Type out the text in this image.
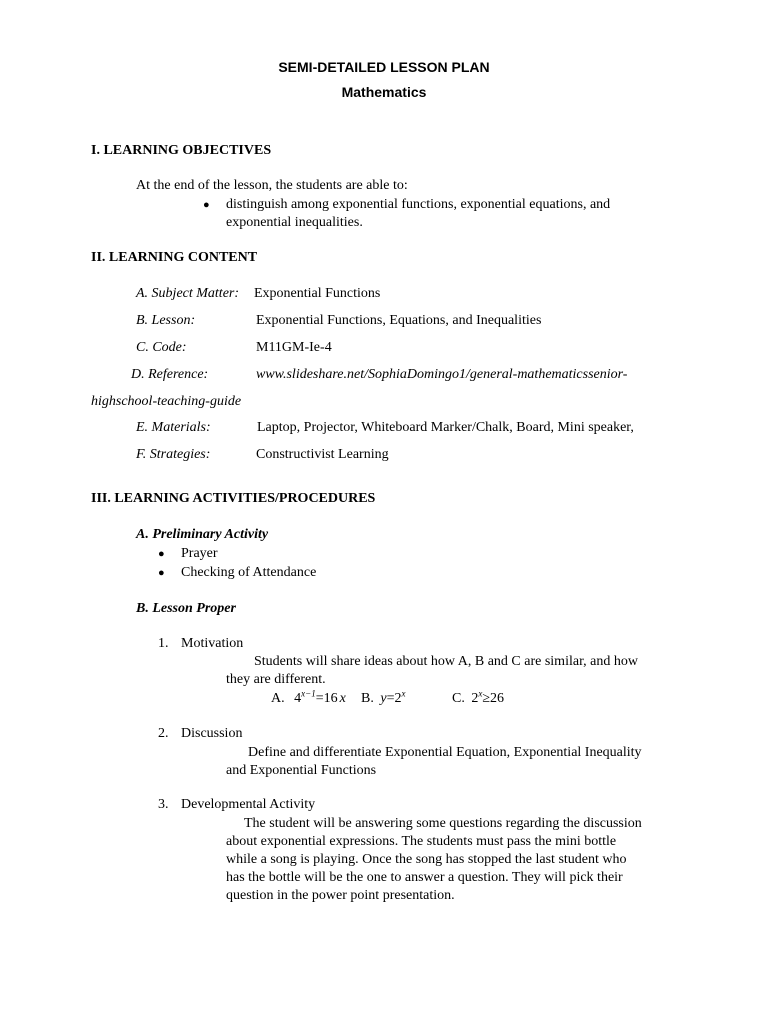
SEMI-DETAILED LESSON PLAN
Mathematics
I. LEARNING OBJECTIVES
At the end of the lesson, the students are able to:
● distinguish among exponential functions, exponential equations, and
exponential inequalities.
II. LEARNING CONTENT
A. Subject Matter: Exponential Functions
B. Lesson:	Exponential Functions, Equations, and Inequalities
C. Code:	M11GM-Ie-4
D. Reference:	www.slideshare.net/SophiaDomingo1/general-mathematicssenior-
highschool-teaching-guide
E. Materials:	Laptop, Projector, Whiteboard Marker/Chalk, Board, Mini speaker,
F. Strategies:	Constructivist Learning
III. LEARNING ACTIVITIES/PROCEDURES
A. Preliminary Activity
● Prayer
● Checking of Attendance
B. Lesson Proper
1. Motivation
Students will share ideas about how A, B and C are similar, and how
they are different.
A. $4^{x-1}=16$ x B. $y=2^x$	C. $2^x\ge 26$
2. Discussion
Define and differentiate Exponential Equation, Exponential Inequality
and Exponential Functions
3. Developmental Activity
The student will be answering some questions regarding the discussion
about exponential expressions. The students must pass the mini bottle
while a song is playing. Once the song has stopped the last student who
has the bottle will be the one to answer a question. They will pick their
question in the power point presentation.
